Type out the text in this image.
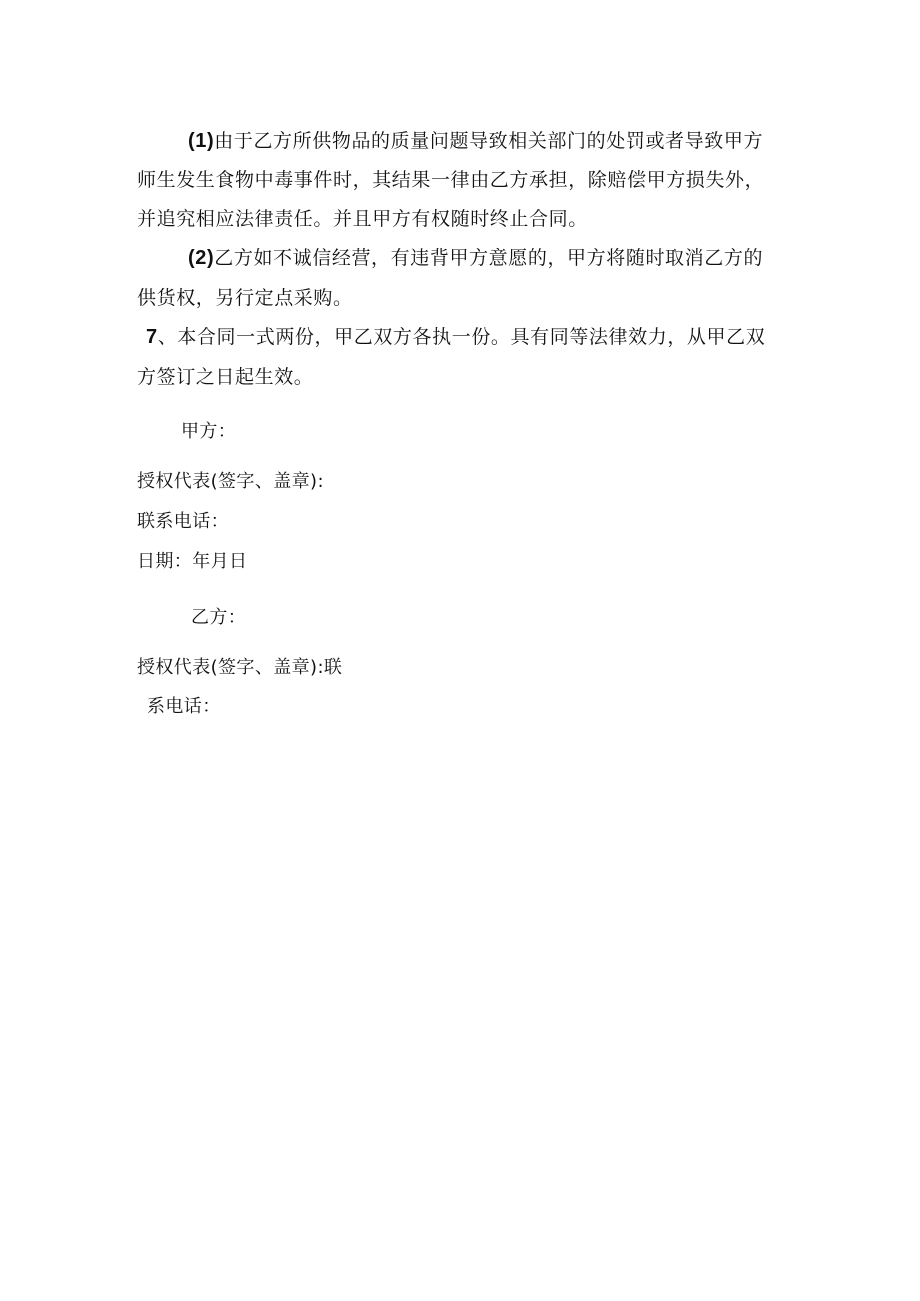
(1)由于乙方所供物品的质量问题导致相关部门的处罚或者导致甲方
师生发生食物中毒事件时，其结果一律由乙方承担，除赔偿甲方损失外，
并追究相应法律责任。并且甲方有权随时终止合同。
(2)乙方如不诚信经营，有违背甲方意愿的，甲方将随时取消乙方的
供货权，另行定点采购。
7、本合同一式两份，甲乙双方各执一份。具有同等法律效力，从甲乙双
方签订之日起生效。
甲方：
授权代表(签字、盖章):
联系电话：
日期：年月日
乙方：
授权代表(签字、盖章):联
系电话：
